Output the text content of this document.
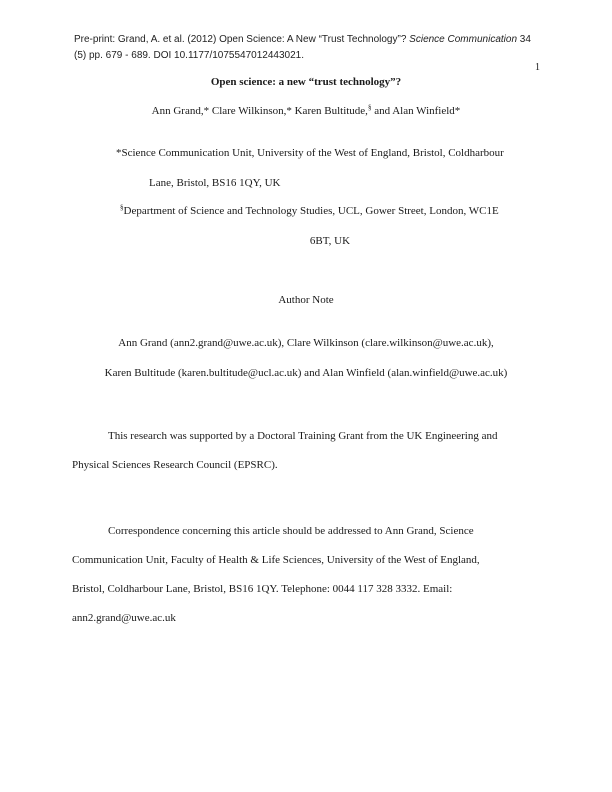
Pre-print: Grand, A. et al. (2012) Open Science: A New “Trust Technology”? Science Communication 34
(5) pp. 679 - 689. DOI 10.1177/1075547012443021.
1
Open science: a new “trust technology”?
Ann Grand,* Clare Wilkinson,* Karen Bultitude,§ and Alan Winfield*
*Science Communication Unit, University of the West of England, Bristol, Coldharbour
Lane, Bristol, BS16 1QY, UK
§Department of Science and Technology Studies, UCL, Gower Street, London, WC1E
6BT, UK
Author Note
Ann Grand (ann2.grand@uwe.ac.uk), Clare Wilkinson (clare.wilkinson@uwe.ac.uk),
Karen Bultitude (karen.bultitude@ucl.ac.uk) and Alan Winfield (alan.winfield@uwe.ac.uk)
This research was supported by a Doctoral Training Grant from the UK Engineering and
Physical Sciences Research Council (EPSRC).
Correspondence concerning this article should be addressed to Ann Grand, Science
Communication Unit, Faculty of Health & Life Sciences, University of the West of England,
Bristol, Coldharbour Lane, Bristol, BS16 1QY. Telephone: 0044 117 328 3332. Email:
ann2.grand@uwe.ac.uk
